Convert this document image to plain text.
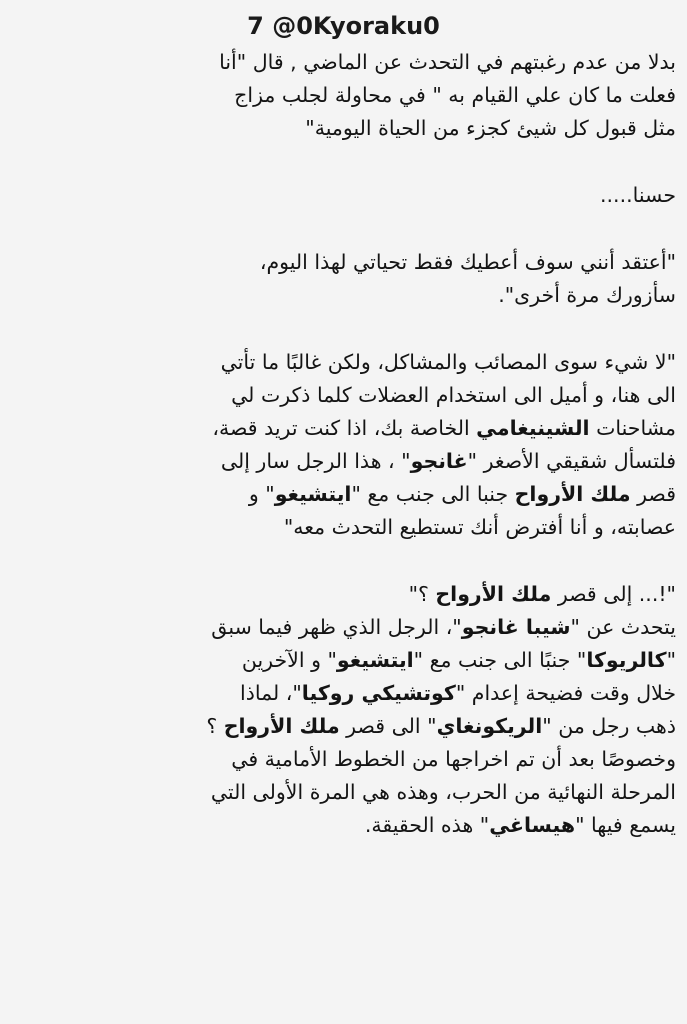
7 @0Kyoraku0
بدلا من عدم رغبتهم في التحدث عن الماضي , قال "أنا
فعلت ما كان علي القيام به " في محاولة لجلب مزاج
مثل قبول كل شيئ كجزء من الحياة اليومية"
حسنا.....
"أعتقد أنني سوف أعطيك فقط تحياتي لهذا اليوم،
سأزورك مرة أخرى".
"لا شيء سوى المصائب والمشاكل، ولكن غالبًا ما تأتي
الى هنا، و أميل الى استخدام العضلات كلما ذكرت لي
مشاحنات الشينيغامي الخاصة بك، اذا كنت تريد قصة،
فلتسأل شقيقي الأصغر "غانجو" ، هذا الرجل سار إلى
قصر ملك الأرواح جنبا الى جنب مع "ايتشيغو" و
عصابته، و أنا أفترض أنك تستطيع التحدث معه"
"!... إلى قصر ملك الأرواح ؟"
يتحدث عن "شيبا غانجو"، الرجل الذي ظهر فيما سبق
"كالريوكا" جنبًا الى جنب مع "ايتشيغو" و الآخرين
خلال وقت فضيحة إعدام "كوتشيكي روكيا"، لماذا
ذهب رجل من "الريكونغاي" الى قصر ملك الأرواح ؟
وخصوصًا بعد أن تم اخراجها من الخطوط الأمامية في
المرحلة النهائية من الحرب، وهذه هي المرة الأولى التي
يسمع فيها "هيساغي" هذه الحقيقة.
